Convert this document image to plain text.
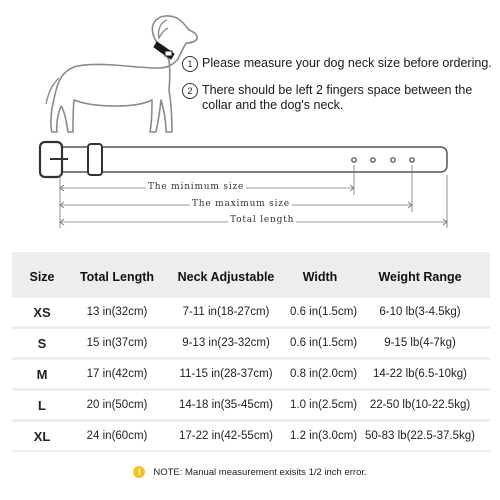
1 Please measure your dog neck size before ordering.
2 There should be left 2 fingers space between the collar and the dog's neck.
The minimum size
The maximum size
Total length
Size	Total Length	Neck Adjustable	Width	Weight Range
XS	13 in(32cm)	7-11 in(18-27cm)	0.6 in(1.5cm)	6-10 lb(3-4.5kg)
S	15 in(37cm)	9-13 in(23-32cm)	0.6 in(1.5cm)	9-15 lb(4-7kg)
M	17 in(42cm)	11-15 in(28-37cm)	0.8 in(2.0cm)	14-22 lb(6.5-10kg)
L	20 in(50cm)	14-18 in(35-45cm)	1.0 in(2.5cm)	22-50 lb(10-22.5kg)
XL	24 in(60cm)	17-22 in(42-55cm)	1.2 in(3.0cm) 50-83 lb(22.5-37.5kg)
!	NOTE: Manual measurement exisits 1/2 inch error.
